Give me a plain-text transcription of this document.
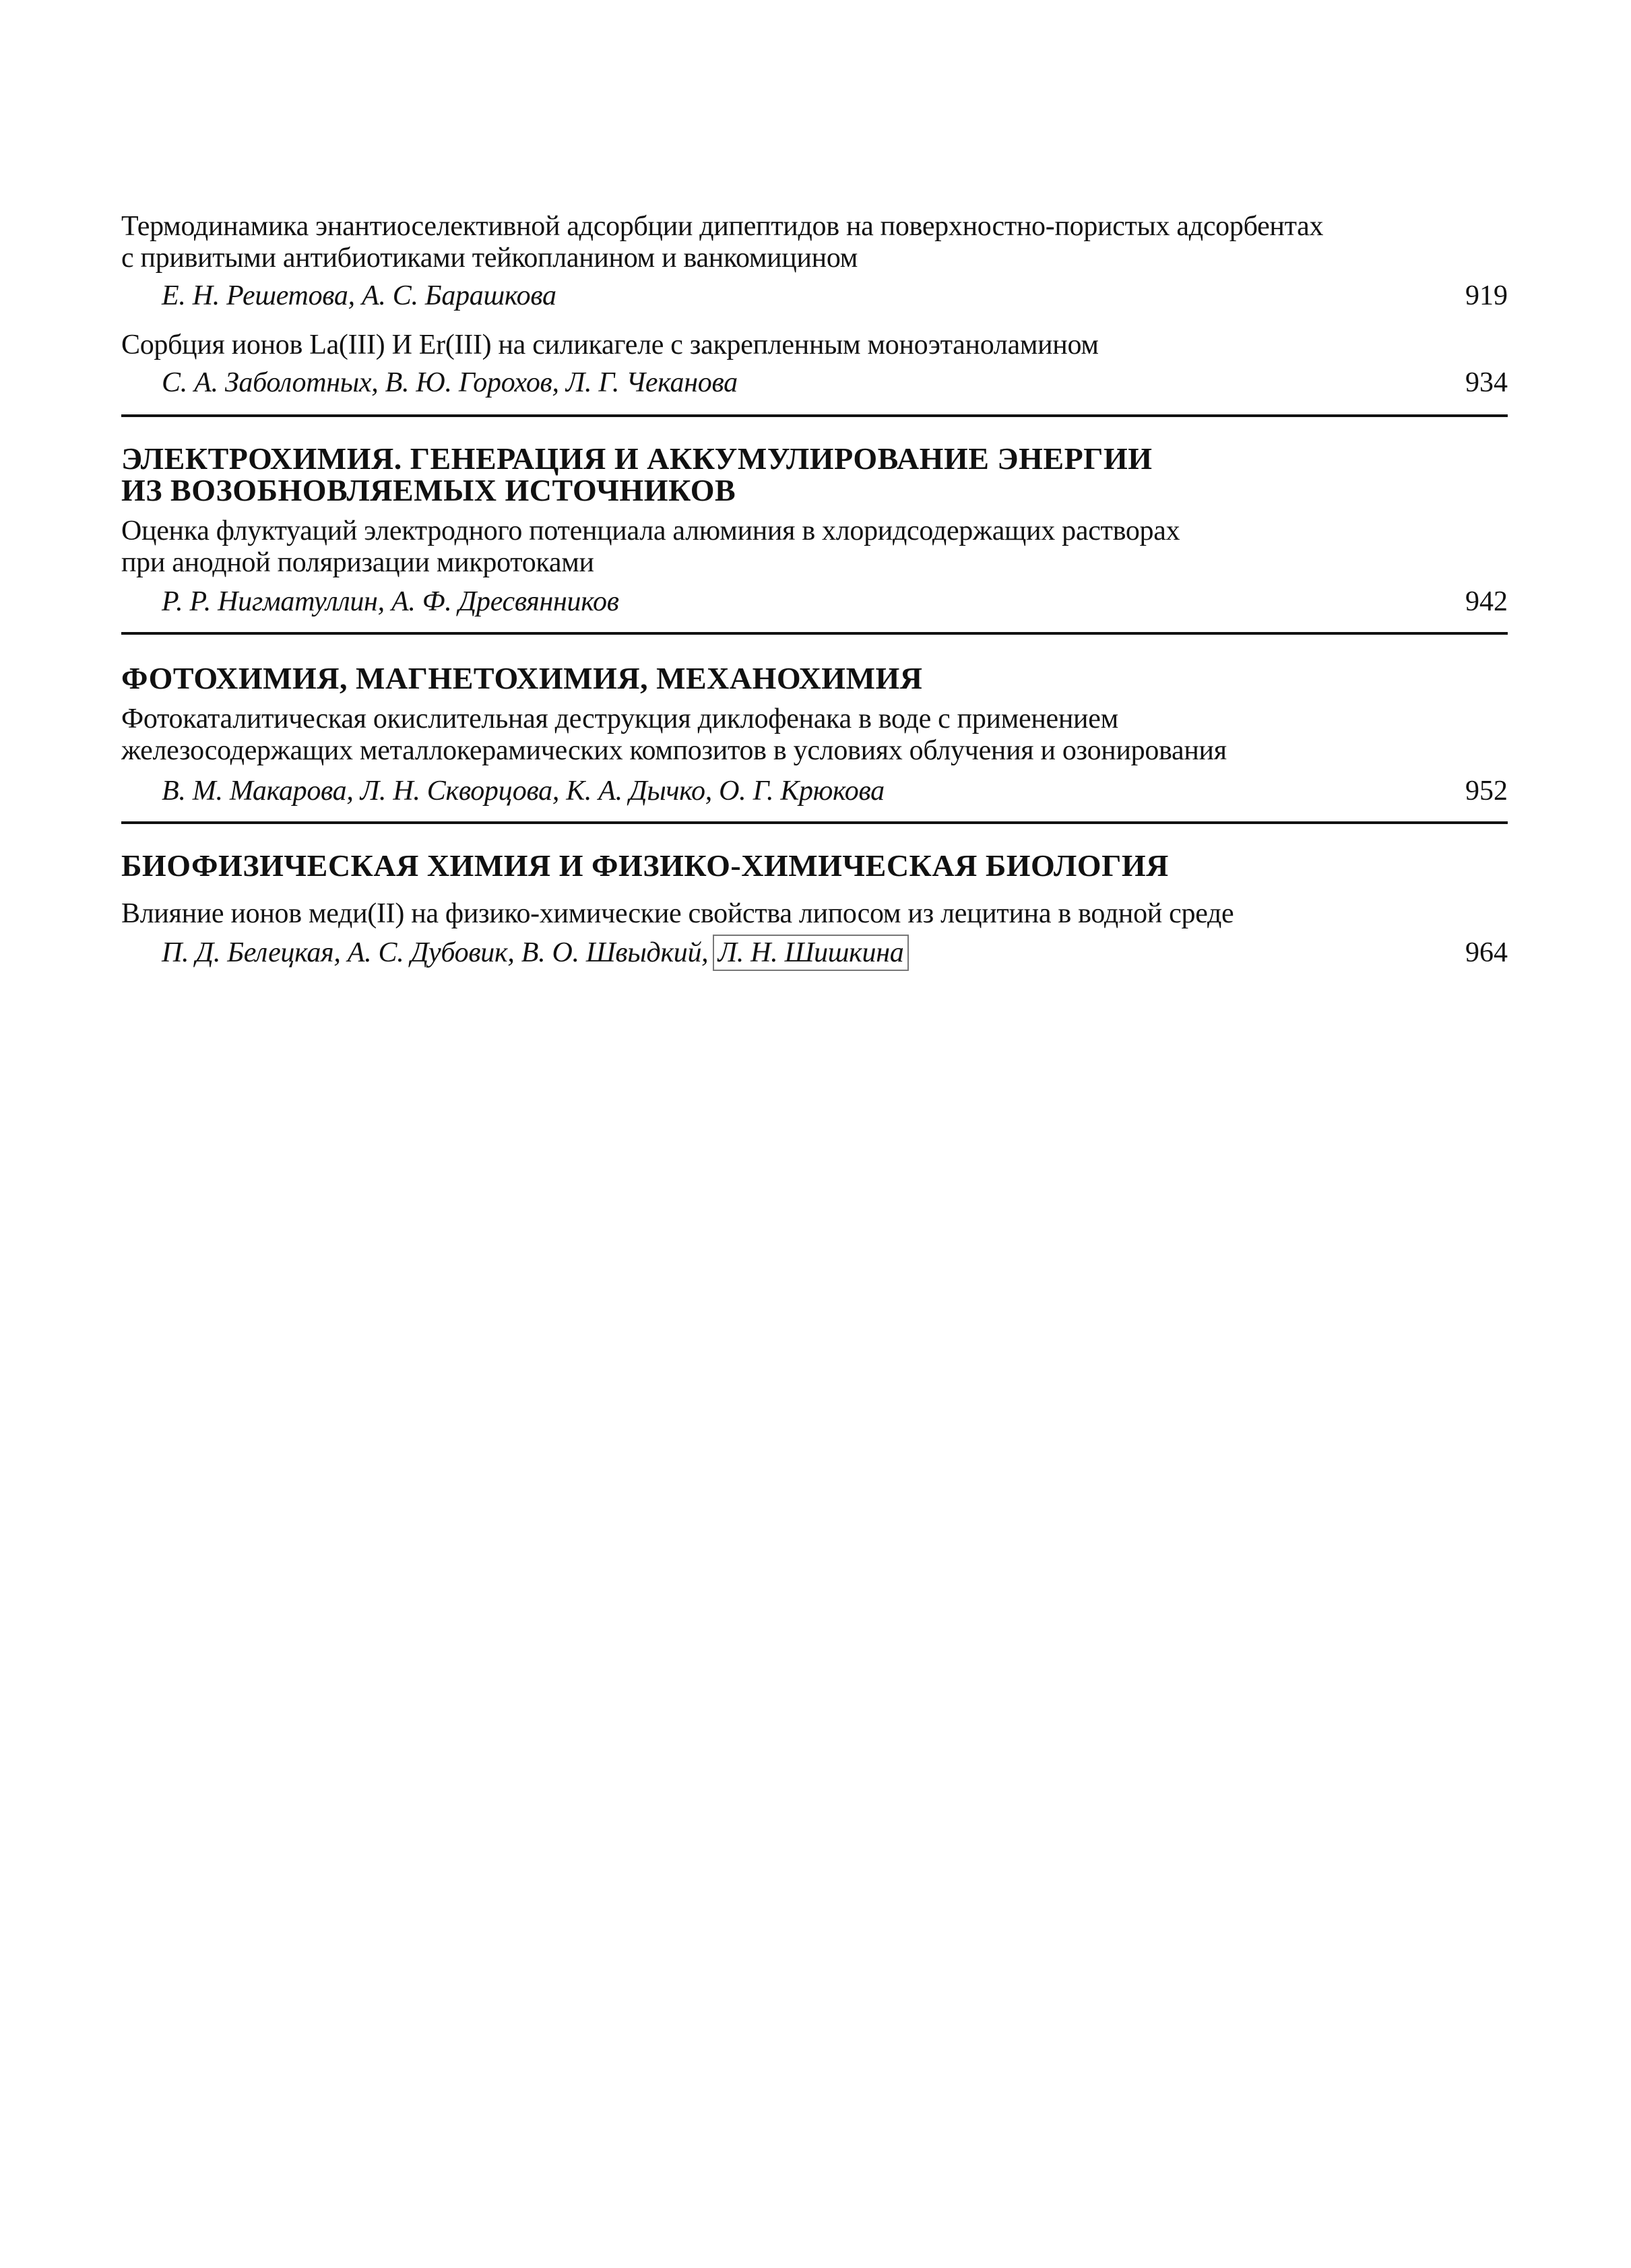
Термодинамика энантиоселективной адсорбции дипептидов на поверхностно-пористых адсорбентах
с привитыми антибиотиками тейкопланином и ванкомицином
Е. Н. Решетова, А. С. Барашкова	919
Сорбция ионов La(III) И Er(III) на силикагеле с закрепленным моноэтаноламином
С. А. Заболотных, В. Ю. Горохов, Л. Г. Чеканова	934
ЭЛЕКТРОХИМИЯ. ГЕНЕРАЦИЯ И АККУМУЛИРОВАНИЕ ЭНЕРГИИ
ИЗ ВОЗОБНОВЛЯЕМЫХ ИСТОЧНИКОВ
Оценка флуктуаций электродного потенциала алюминия в хлоридсодержащих растворах
при анодной поляризации микротоками
Р. Р. Нигматуллин, А. Ф. Дресвянников	942
ФОТОХИМИЯ, МАГНЕТОХИМИЯ, МЕХАНОХИМИЯ
Фотокаталитическая окислительная деструкция диклофенака в воде с применением
железосодержащих металлокерамических композитов в условиях облучения и озонирования
В. М. Макарова, Л. Н. Скворцова, К. А. Дычко, О. Г. Крюкова	952
БИОФИЗИЧЕСКАЯ ХИМИЯ И ФИЗИКО-ХИМИЧЕСКАЯ БИОЛОГИЯ
Влияние ионов меди(II) на физико-химические свойства липосом из лецитина в водной среде
П. Д. Белецкая, А. С. Дубовик, В. О. Швыдкий, Л. Н. Шишкина	964
